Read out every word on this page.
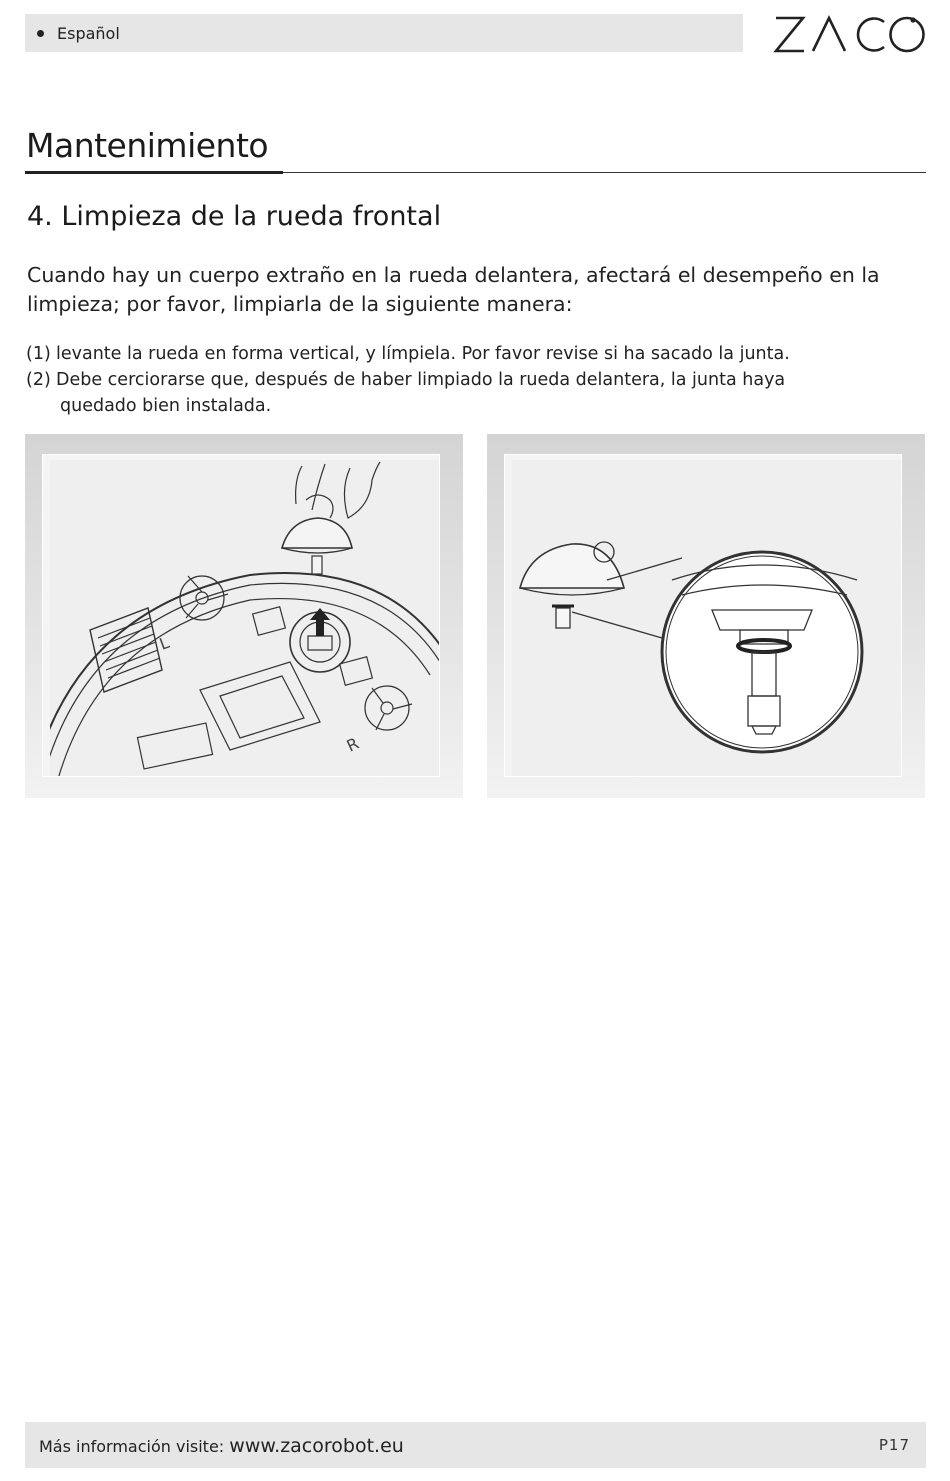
Español
Mantenimiento
4. Limpieza de la rueda frontal

Cuando hay un cuerpo extraño en la rueda delantera, afectará el desempeño en la limpieza; por favor, limpiarla de la siguiente manera:

(1) levante la rueda en forma vertical, y límpiela. Por favor revise si ha sacado la junta.
(2) Debe cerciorarse que, después de haber limpiado la rueda delantera, la junta haya
quedado bien instalada.
L
R
Más información visite: www.zacorobot.eu	P17
